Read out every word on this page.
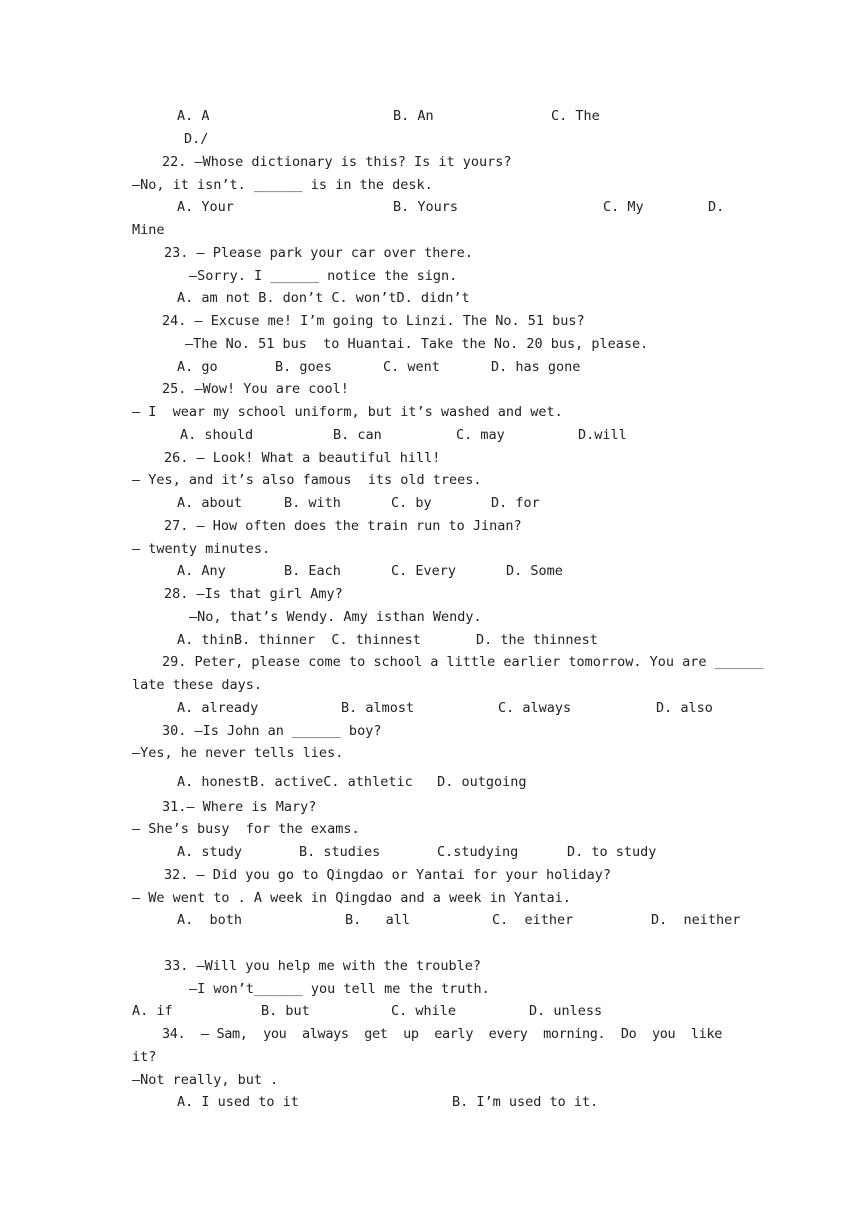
A. A	B. An	C. The
D./
22. —Whose dictionary is this? Is it yours?
—No, it isn’t. ______ is in the desk.
A. Your	B. Yours	C. My	D.
Mine
23. — Please park your car over there.
—Sorry. I ______ notice the sign.
A. am not B. don’t C. won’tD. didn’t
24. — Excuse me! I’m going to Linzi. The No. 51 bus?
—The No. 51 bus  to Huantai. Take the No. 20 bus, please.
A. go	B. goes	C. went	D. has gone
25. —Wow! You are cool!
— I  wear my school uniform, but it’s washed and wet.
A. should	B. can	C. may	D.will
26. — Look! What a beautiful hill!
— Yes, and it’s also famous  its old trees.
A. about	B. with	C. by	D. for
27. — How often does the train run to Jinan?
— twenty minutes.
A. Any	B. Each	C. Every	D. Some
28. —Is that girl Amy?
—No, that’s Wendy. Amy isthan Wendy.
A. thinB. thinner  C. thinnest	D. the thinnest
29. Peter, please come to school a little earlier tomorrow. You are ______
late these days.
A. already	B. almost	C. always	D. also
30. —Is John an ______ boy?
—Yes, he never tells lies.
A. honestB. activeC. athletic   D. outgoing
31.— Where is Mary?
— She’s busy  for the exams.
A. study	B. studies	C.studying	D. to study
32. — Did you go to Qingdao or Yantai for your holiday?
— We went to . A week in Qingdao and a week in Yantai.
A.  both	B.   all	C.  either	D.  neither
33. —Will you help me with the trouble?
—I won’t______ you tell me the truth.
A. if	B. but	C. while	D. unless
34.  — Sam,  you  always  get  up  early  every  morning.  Do  you  like
it?
—Not really, but .
A. I used to it	B. I’m used to it.
